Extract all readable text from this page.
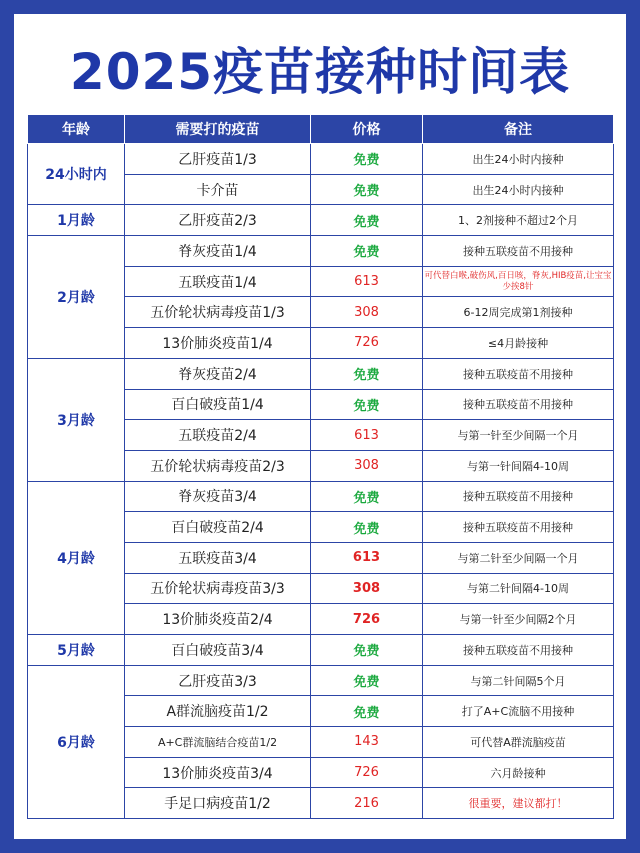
2025疫苗接种时间表
年龄	需要打的疫苗	价格	备注
24小时内	乙肝疫苗1/3	免费	出生24小时内接种
	卡介苗	免费	出生24小时内接种
1月龄	乙肝疫苗2/3	免费	1、2剂接种不超过2个月
2月龄	脊灰疫苗1/4	免费	接种五联疫苗不用接种
	五联疫苗1/4	613	可代替白喉,破伤风,百日咳，脊灰,HIB疫苗,让宝宝少挨8针
	五价轮状病毒疫苗1/3	308	6-12周完成第1剂接种
	13价肺炎疫苗1/4	726	≤4月龄接种
3月龄	脊灰疫苗2/4	免费	接种五联疫苗不用接种
	百白破疫苗1/4	免费	接种五联疫苗不用接种
	五联疫苗2/4	613	与第一针至少间隔一个月
	五价轮状病毒疫苗2/3	308	与第一针间隔4-10周
4月龄	脊灰疫苗3/4	免费	接种五联疫苗不用接种
	百白破疫苗2/4	免费	接种五联疫苗不用接种
	五联疫苗3/4	613	与第二针至少间隔一个月
	五价轮状病毒疫苗3/3	308	与第二针间隔4-10周
	13价肺炎疫苗2/4	726	与第一针至少间隔2个月
5月龄	百白破疫苗3/4	免费	接种五联疫苗不用接种
6月龄	乙肝疫苗3/3	免费	与第二针间隔5个月
	A群流脑疫苗1/2	免费	打了A+C流脑不用接种
	A+C群流脑结合疫苗1/2	143	可代替A群流脑疫苗
	13价肺炎疫苗3/4	726	六月龄接种
	手足口病疫苗1/2	216	很重要，建议都打！
